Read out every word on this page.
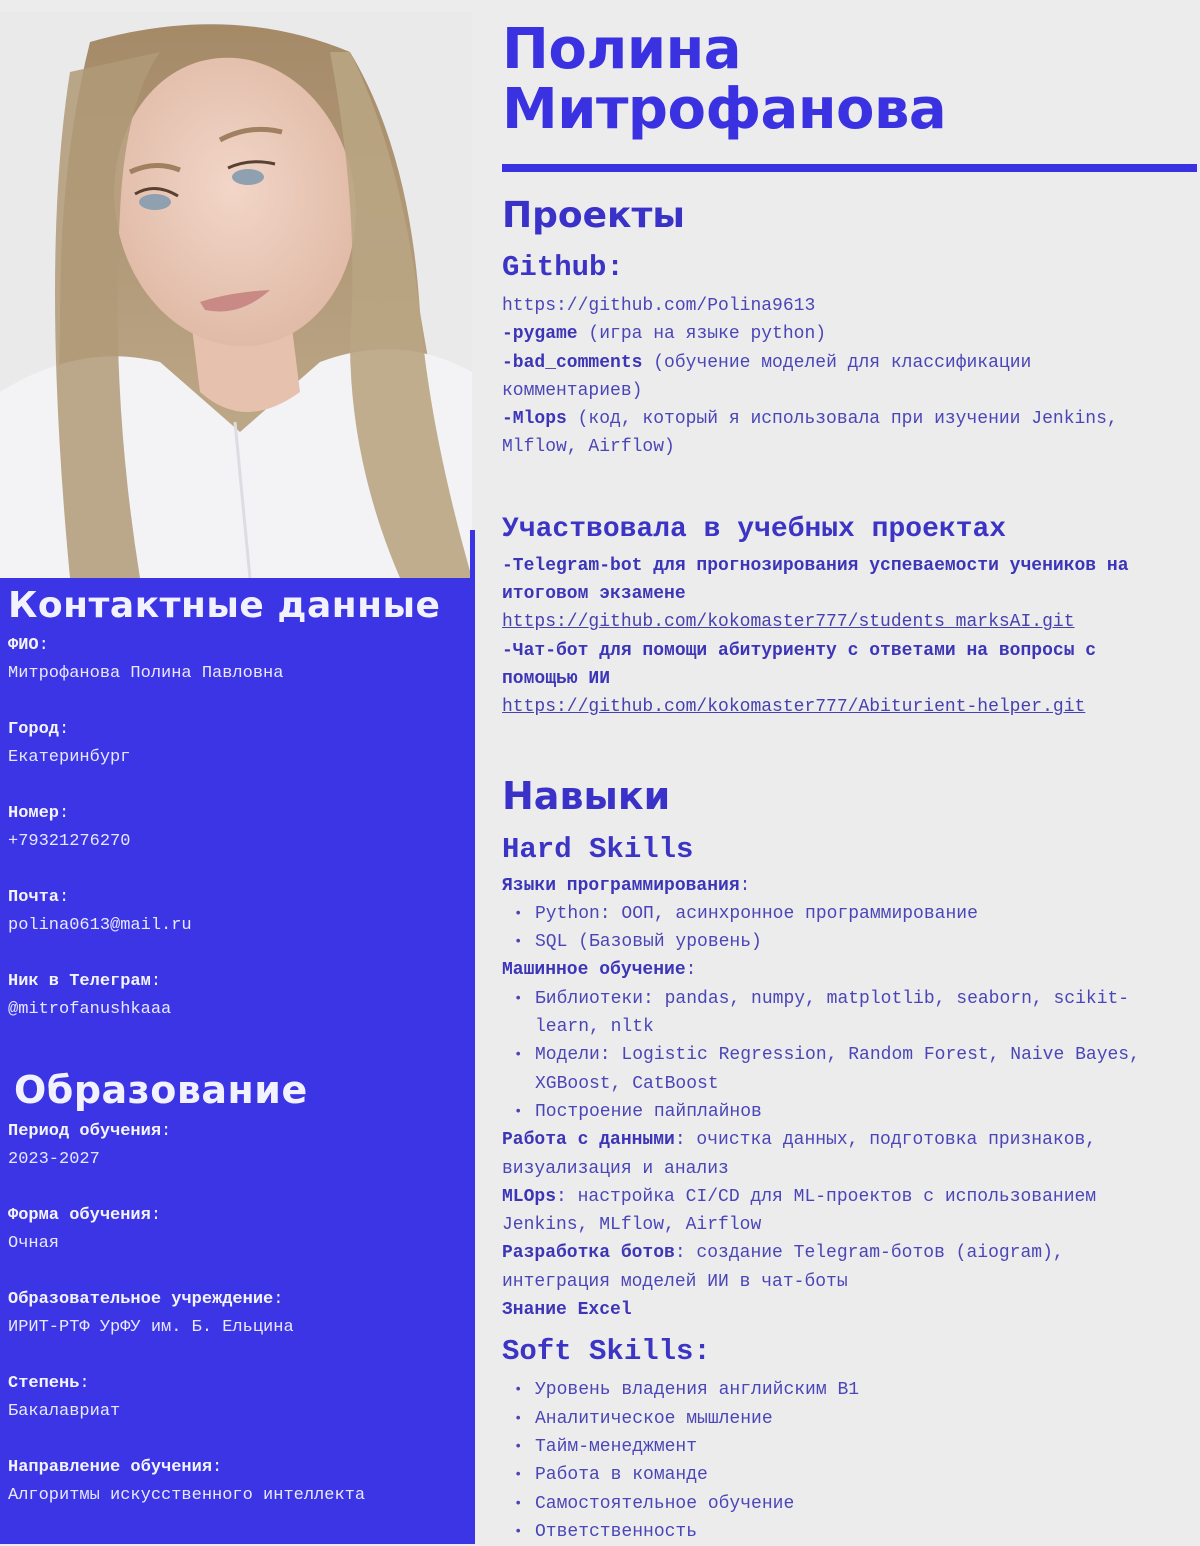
Контактные данные
ФИО :
Митрофанова Полина Павловна
Город :
Екатеринбург
Номер :
+79321276270
Почта :
polina0613@mail.ru
Ник в Телеграм :
@mitrofanushkaaa
Образование
Период обучения :
2023-2027
Форма обучения :
Очная
Образовательное учреждение :
ИРИТ-РТФ УрФУ им. Б. Ельцина
Степень :
Бакалавриат
Направление обучения :
Алгоритмы искусственного интеллекта
Полина Митрофанова
Проекты
Github:
https://github.com/Polina9613
-pygame (игра на языке python)
-bad_comments (обучение моделей для классификации комментариев)
-Mlops (код, который я использовала при изучении Jenkins, Mlflow, Airflow)
Участвовала в учебных проектах
-Telegram-bot для прогнозирования успеваемости учеников на итоговом экзамене
https://github.com/kokomaster777/students_marksAI.git
-Чат-бот для помощи абитуриенту с ответами на вопросы с помощью ИИ
https://github.com/kokomaster777/Abiturient-helper.git
Навыки
Hard Skills
Языки программирования:
• Python: ООП, асинхронное программирование
• SQL (Базовый уровень)
Машинное обучение:
• Библиотеки: pandas, numpy, matplotlib, seaborn, scikit-learn, nltk
• Модели: Logistic Regression, Random Forest, Naive Bayes, XGBoost, CatBoost
• Построение пайплайнов
Работа с данными: очистка данных, подготовка признаков, визуализация и анализ
MLOps: настройка CI/CD для ML-проектов с использованием Jenkins, MLflow, Airflow
Разработка ботов: создание Telegram-ботов (aiogram), интеграция моделей ИИ в чат-боты
Знание Excel
Soft Skills:
• Уровень владения английским B1
• Аналитическое мышление
• Тайм-менеджмент
• Работа в команде
• Самостоятельное обучение
• Ответственность
